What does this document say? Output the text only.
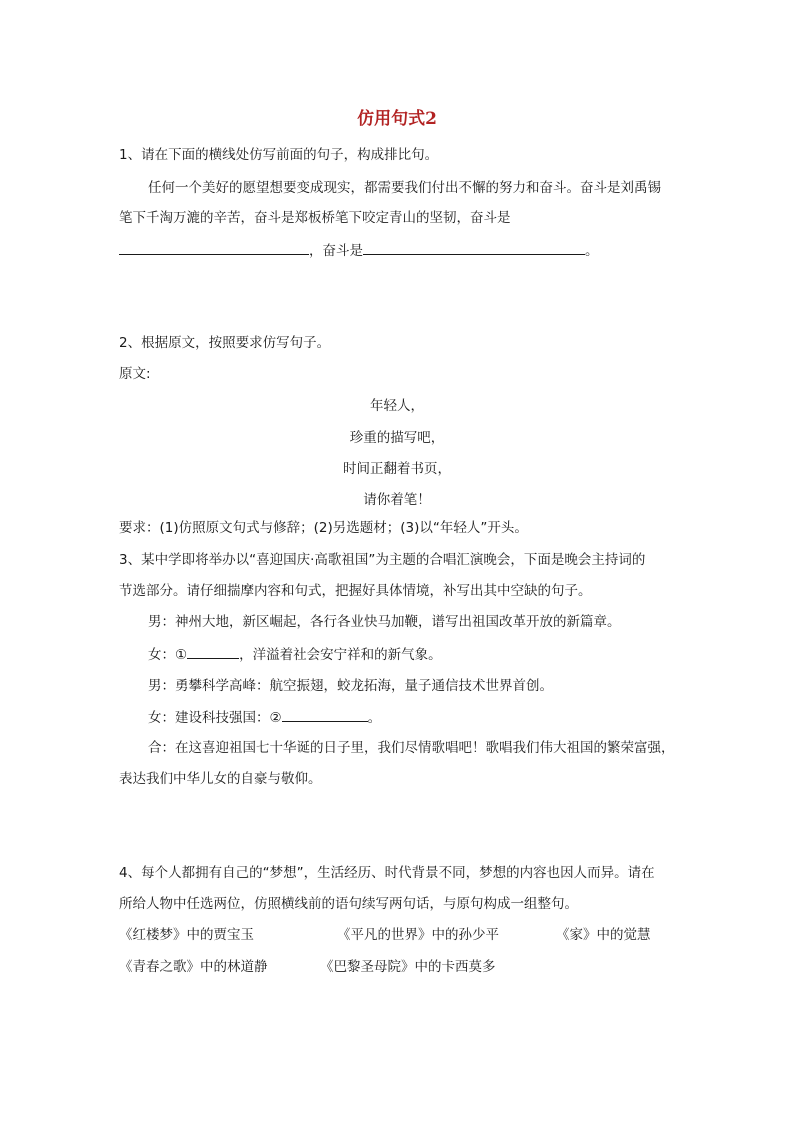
仿用句式2
1、请在下面的横线处仿写前面的句子，构成排比句。
任何一个美好的愿望想要变成现实，都需要我们付出不懈的努力和奋斗。奋斗是刘禹锡
笔下千淘万漉的辛苦，奋斗是郑板桥笔下咬定青山的坚韧，奋斗是
，奋斗是	。
2、根据原文，按照要求仿写句子。
原文:
年轻人，
珍重的描写吧，
时间正翻着书页，
请你着笔！
要求：(1)仿照原文句式与修辞；(2)另选题材；(3)以“年轻人”开头。
3、某中学即将举办以“喜迎国庆·高歌祖国”为主题的合唱汇演晚会，下面是晚会主持词的
节选部分。请仔细揣摩内容和句式，把握好具体情境，补写出其中空缺的句子。
男：神州大地，新区崛起，各行各业快马加鞭，谱写出祖国改革开放的新篇章。
女：①	，洋溢着社会安宁祥和的新气象。
男：勇攀科学高峰：航空振翅，蛟龙拓海，量子通信技术世界首创。
女：建设科技强国：②	。
合：在这喜迎祖国七十华诞的日子里，我们尽情歌唱吧！歌唱我们伟大祖国的繁荣富强，
表达我们中华儿女的自豪与敬仰。
4、每个人都拥有自己的“梦想”，生活经历、时代背景不同，梦想的内容也因人而异。请在
所给人物中任选两位，仿照横线前的语句续写两句话，与原句构成一组整句。
《红楼梦》中的贾宝玉	《平凡的世界》中的孙少平	《家》中的觉慧
《青春之歌》中的林道静	《巴黎圣母院》中的卡西莫多
